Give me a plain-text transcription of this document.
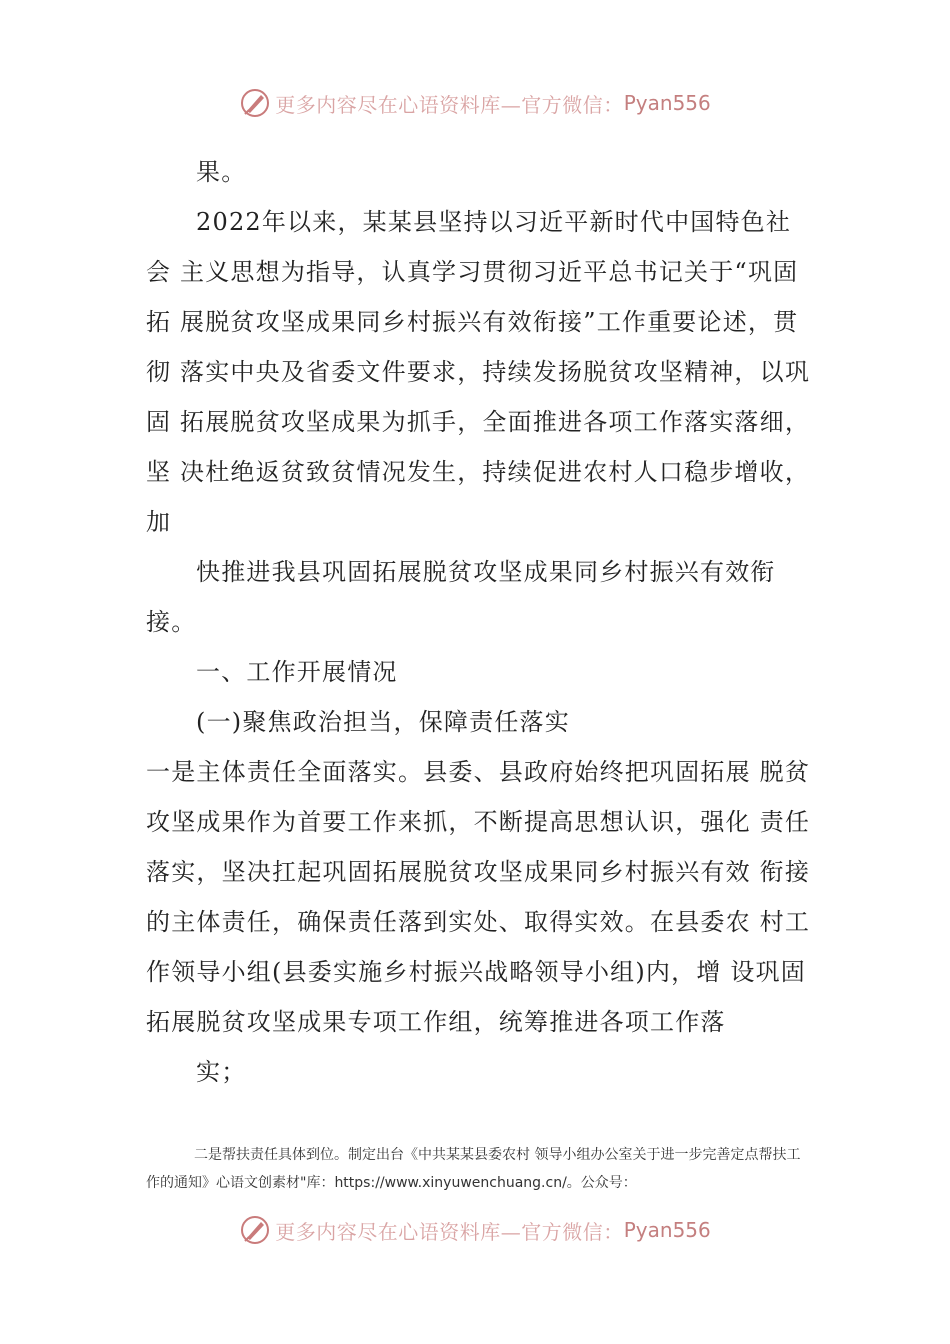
更多内容尽在心语资料库—官方微信： Pyan556

果。

2022年以来，某某县坚持以习近平新时代中国特色社会 主义思想为指导，认真学习贯彻习近平总书记关于“巩固拓 展脱贫攻坚成果同乡村振兴有效衔接”工作重要论述，贯彻 落实中央及省委文件要求，持续发扬脱贫攻坚精神，以巩固 拓展脱贫攻坚成果为抓手，全面推进各项工作落实落细，坚 决杜绝返贫致贫情况发生，持续促进农村人口稳步增收，加

快推进我县巩固拓展脱贫攻坚成果同乡村振兴有效衔接。

一、工作开展情况

(一)聚焦政治担当，保障责任落实

一是主体责任全面落实。县委、县政府始终把巩固拓展 脱贫攻坚成果作为首要工作来抓，不断提高思想认识，强化 责任落实，坚决扛起巩固拓展脱贫攻坚成果同乡村振兴有效 衔接的主体责任，确保责任落到实处、取得实效。在县委农 村工作领导小组(县委实施乡村振兴战略领导小组)内，增 设巩固拓展脱贫攻坚成果专项工作组，统筹推进各项工作落

实；

二是帮扶责任具体到位。制定出台《中共某某县委农村 领导小组办公室关于进一步完善定点帮扶工作的通知》心语文创素材"库：https://www.xinyuwenchuang.cn/。公众号：

更多内容尽在心语资料库—官方微信： Pyan556
